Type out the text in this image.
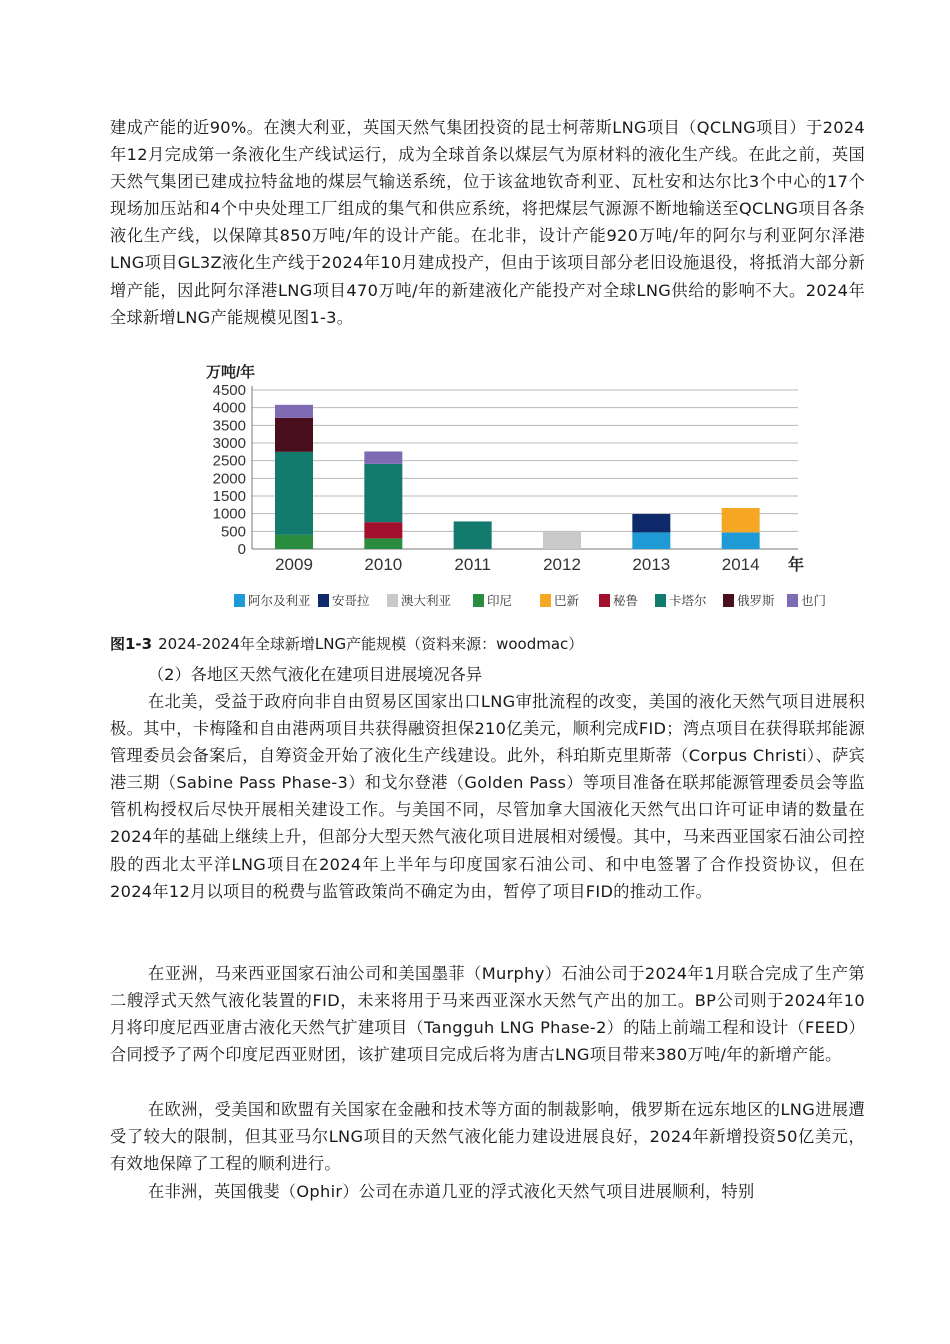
建成产能的近90%。在澳大利亚，英国天然气集团投资的昆士柯蒂斯LNG项目（QCLNG项目）于2024年12月完成第一条液化生产线试运行，成为全球首条以煤层气为原材料的液化生产线。在此之前，英国天然气集团已建成拉特盆地的煤层气输送系统，位于该盆地钦奇利亚、瓦杜安和达尔比3个中心的17个现场加压站和4个中央处理工厂组成的集气和供应系统，将把煤层气源源不断地输送至QCLNG项目各条液化生产线，以保障其850万吨/年的设计产能。在北非，设计产能920万吨/年的阿尔与利亚阿尔泽港LNG项目GL3Z液化生产线于2024年10月建成投产，但由于该项目部分老旧设施退役，将抵消大部分新增产能，因此阿尔泽港LNG项目470万吨/年的新建液化产能投产对全球LNG供给的影响不大。2024年全球新增LNG产能规模见图1-3。

0
500
1000
1500
2000
2500
3000
3500
4000
4500
万吨/年
2009	2010	2011	2012	2013	2014 年
阿尔及利亚 安哥拉	澳大利亚	印尼	巴新	秘鲁 卡塔尔 俄罗斯 也门

图1-3 2024-2024年全球新增LNG产能规模（资料来源：woodmac）

（2）各地区天然气液化在建项目进展境况各异

在北美，受益于政府向非自由贸易区国家出口LNG审批流程的改变，美国的液化天然气项目进展积极。其中，卡梅隆和自由港两项目共获得融资担保210亿美元，顺利完成FID；湾点项目在获得联邦能源管理委员会备案后，自筹资金开始了液化生产线建设。此外，科珀斯克里斯蒂（Corpus Christi）、萨宾港三期（Sabine Pass Phase-3）和戈尔登港（Golden Pass）等项目准备在联邦能源管理委员会等监管机构授权后尽快开展相关建设工作。与美国不同，尽管加拿大国液化天然气出口许可证申请的数量在2024年的基础上继续上升，但部分大型天然气液化项目进展相对缓慢。其中，马来西亚国家石油公司控股的西北太平洋LNG项目在2024年上半年与印度国家石油公司、和中电签署了合作投资协议，但在2024年12月以项目的税费与监管政策尚不确定为由，暂停了项目FID的推动工作。

在亚洲，马来西亚国家石油公司和美国墨菲（Murphy）石油公司于2024年1月联合完成了生产第二艘浮式天然气液化装置的FID，未来将用于马来西亚深水天然气产出的加工。BP公司则于2024年10月将印度尼西亚唐古液化天然气扩建项目（Tangguh LNG Phase-2）的陆上前端工程和设计（FEED）合同授予了两个印度尼西亚财团，该扩建项目完成后将为唐古LNG项目带来380万吨/年的新增产能。

在欧洲，受美国和欧盟有关国家在金融和技术等方面的制裁影响，俄罗斯在远东地区的LNG进展遭受了较大的限制，但其亚马尔LNG项目的天然气液化能力建设进展良好，2024年新增投资50亿美元，有效地保障了工程的顺利进行。

在非洲，英国俄斐（Ophir）公司在赤道几亚的浮式液化天然气项目进展顺利，特别
